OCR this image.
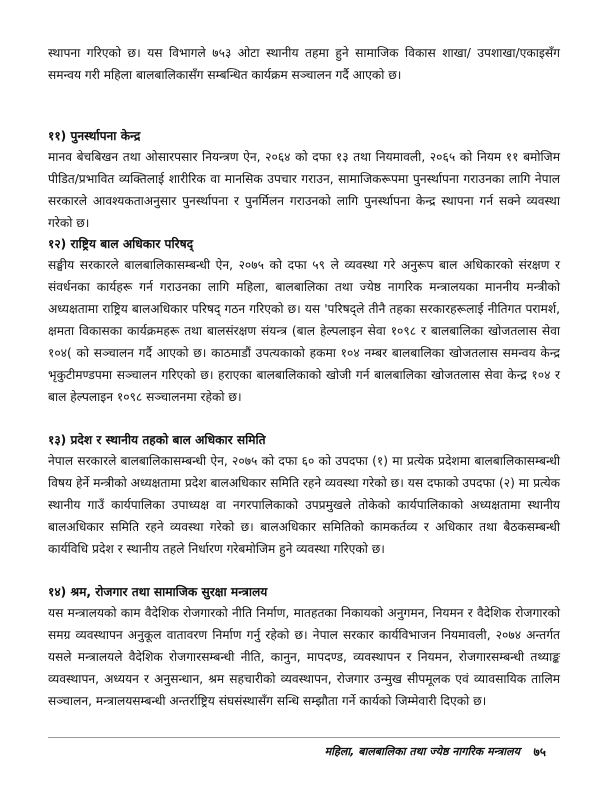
स्थापना गरिएको छ। यस विभागले ७५३ ओटा स्थानीय तहमा हुने सामाजिक विकास शाखा/ उपशाखा/एकाइसँग समन्वय गरी महिला बालबालिकासँग सम्बन्धित कार्यक्रम सञ्चालन गर्दै आएको छ।

११) पुनर्स्थापना केन्द्र

मानव बेचबिखन तथा ओसारपसार नियन्त्रण ऐन, २०६४ को दफा १३ तथा नियमावली, २०६५ को नियम ११ बमोजिम पीडित/प्रभावित व्यक्तिलाई शारीरिक वा मानसिक उपचार गराउन, सामाजिकरूपमा पुनर्स्थापना गराउनका लागि नेपाल सरकारले आवश्यकताअनुसार पुनर्स्थापना र पुनर्मिलन गराउनको लागि पुनर्स्थापना केन्द्र स्थापना गर्न सक्ने व्यवस्था गरेको छ।

१२) राष्ट्रिय बाल अधिकार परिषद्

सङ्घीय सरकारले बालबालिकासम्बन्धी ऐन, २०७५ को दफा ५९ ले व्यवस्था गरे अनुरूप बाल अधिकारको संरक्षण र संवर्धनका कार्यहरू गर्न गराउनका लागि महिला, बालबालिका तथा ज्येष्ठ नागरिक मन्त्रालयका माननीय मन्त्रीको अध्यक्षतामा राष्ट्रिय बालअधिकार परिषद् गठन गरिएको छ। यस 'परिषद्ले तीनै तहका सरकारहरूलाई नीतिगत परामर्श, क्षमता विकासका कार्यक्रमहरू तथा बालसंरक्षण संयन्त्र (बाल हेल्पलाइन सेवा १०९८ र बालबालिका खोजतलास सेवा १०४( को सञ्चालन गर्दै आएको छ। काठमाडौं उपत्यकाको हकमा १०४ नम्बर बालबालिका खोजतलास समन्वय केन्द्र भृकुटीमण्डपमा सञ्चालन गरिएको छ। हराएका बालबालिकाको खोजी गर्न बालबालिका खोजतलास सेवा केन्द्र १०४ र बाल हेल्पलाइन १०९८ सञ्चालनमा रहेको छ।

१३) प्रदेश र स्थानीय तहको बाल अधिकार समिति

नेपाल सरकारले बालबालिकासम्बन्धी ऐन, २०७५ को दफा ६० को उपदफा (१) मा प्रत्येक प्रदेशमा बालबालिकासम्बन्धी विषय हेर्ने मन्त्रीको अध्यक्षतामा प्रदेश बालअधिकार समिति रहने व्यवस्था गरेको छ। यस दफाको उपदफा (२) मा प्रत्येक स्थानीय गाउँ कार्यपालिका उपाध्यक्ष वा नगरपालिकाको उपप्रमुखले तोकेको कार्यपालिकाको अध्यक्षतामा स्थानीय बालअधिकार समिति रहने व्यवस्था गरेको छ। बालअधिकार समितिको कामकर्तव्य र अधिकार तथा बैठकसम्बन्धी कार्यविधि प्रदेश र स्थानीय तहले निर्धारण गरेबमोजिम हुने व्यवस्था गरिएको छ।

१४) श्रम, रोजगार तथा सामाजिक सुरक्षा मन्त्रालय

यस मन्त्रालयको काम वैदेशिक रोजगारको नीति निर्माण, मातहतका निकायको अनुगमन, नियमन र वैदेशिक रोजगारको समग्र व्यवस्थापन अनुकूल वातावरण निर्माण गर्नु रहेको छ। नेपाल सरकार कार्यविभाजन नियमावली, २०७४ अन्तर्गत यसले मन्त्रालयले वैदेशिक रोजगारसम्बन्धी नीति, कानुन, मापदण्ड, व्यवस्थापन र नियमन, रोजगारसम्बन्धी तथ्याङ्क व्यवस्थापन, अध्ययन र अनुसन्धान, श्रम सहचारीको व्यवस्थापन, रोजगार उन्मुख सीपमूलक एवं व्यावसायिक तालिम सञ्चालन, मन्त्रालयसम्बन्धी अन्तर्राष्ट्रिय संघसंस्थासँग सन्धि सम्झौता गर्ने कार्यको जिम्मेवारी दिएको छ।

महिला, बालबालिका तथा ज्येष्ठ नागरिक मन्त्रालय	७५
